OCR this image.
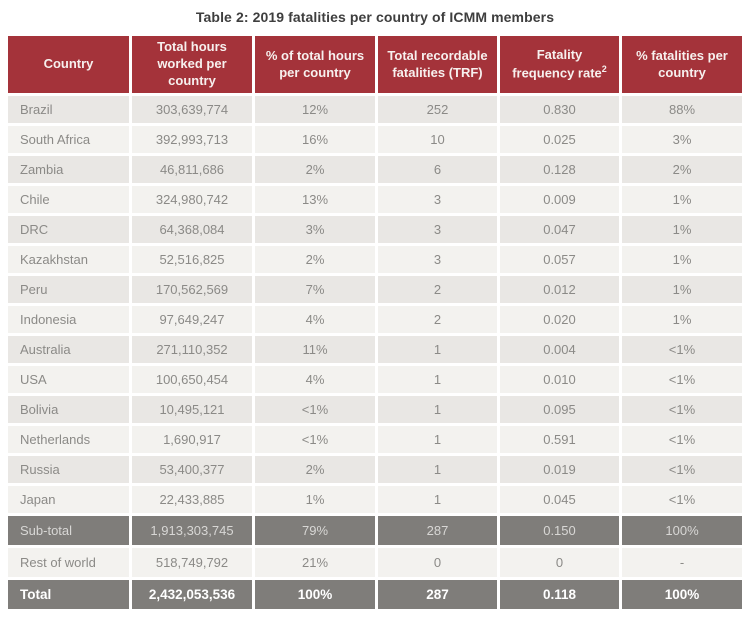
Table 2: 2019 fatalities per country of ICMM members
Country	Total hours worked per country	% of total hours per country	Total recordable fatalities (TRF)	Fatality frequency rate$^2$	% fatalities per country
Brazil	303,639,774	12%	252	0.830	88%
South Africa	392,993,713	16%	10	0.025	3%
Zambia	46,811,686	2%	6	0.128	2%
Chile	324,980,742	13%	3	0.009	1%
DRC	64,368,084	3%	3	0.047	1%
Kazakhstan	52,516,825	2%	3	0.057	1%
Peru	170,562,569	7%	2	0.012	1%
Indonesia	97,649,247	4%	2	0.020	1%
Australia	271,110,352	11%	1	0.004	<1%
USA	100,650,454	4%	1	0.010	<1%
Bolivia	10,495,121	<1%	1	0.095	<1%
Netherlands	1,690,917	<1%	1	0.591	<1%
Russia	53,400,377	2%	1	0.019	<1%
Japan	22,433,885	1%	1	0.045	<1%
Sub-total	1,913,303,745	79%	287	0.150	100%
Rest of world	518,749,792	21%	0	0	-
Total	2,432,053,536	100%	287	0.118	100%
